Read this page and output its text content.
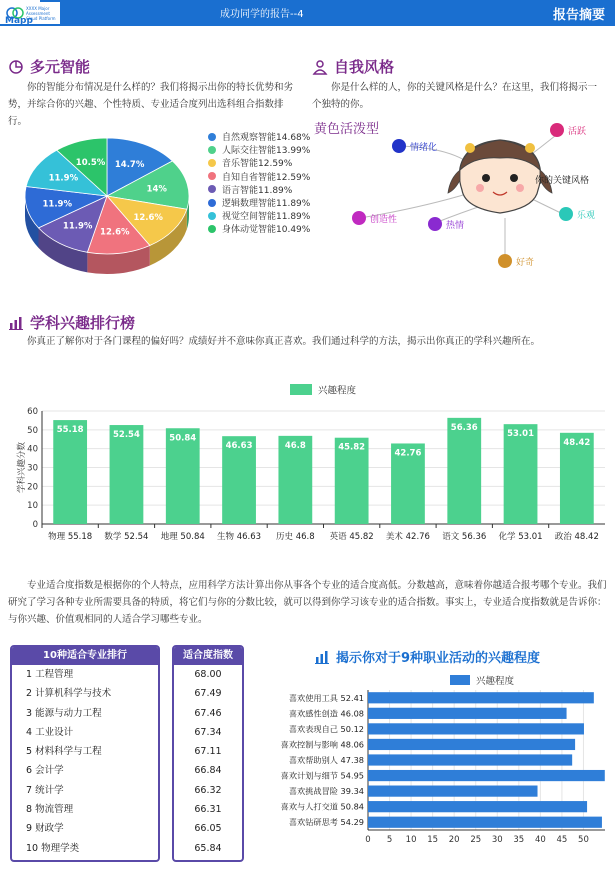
Mapp
XXXX Major Assessment Cloud Platform	成功同学的报告--4	报告摘要
多元智能
你的智能分布情况是什么样的？我们将揭示出你的特长优势和劣势，并综合你的兴趣、个性特质、专业适合度列出选科组合指数排行。
14.7%
14%
12.6%
12.6%
11.9%
11.9%
11.9%
10.5%
自然观察智能14.68%
人际交往智能13.99%
音乐智能12.59%
自知自省智能12.59%
语言智能11.89%
逻辑数理智能11.89%
视觉空间智能11.89%
身体动觉智能10.49%
自我风格
你是什么样的人，你的关键风格是什么？在这里，我们将揭示一个独特的你。
黄色活泼型
情绪化
活跃
你的关键风格
创造性
热情
乐观
好奇
学科兴趣排行榜
你真正了解你对于各门课程的偏好吗？成绩好并不意味你真正喜欢。我们通过科学的方法，揭示出你真正的学科兴趣所在。
兴趣程度
0
10
20
30
40
50
60
学科兴趣分数
55.18
物理 55.18
52.54
数学 52.54
50.84
地理 50.84
46.63
生物 46.63
46.8
历史 46.8
45.82
英语 45.82
42.76
美术 42.76
56.36
语文 56.36
53.01
化学 53.01
48.42
政治 48.42
专业适合度指数是根据你的个人特点，应用科学方法计算出你从事各个专业的适合度高低。分数越高，意味着你越适合报考哪个专业。我们研究了学习各种专业所需要具备的特质，将它们与你的分数比较，就可以得到你学习该专业的适合指数。事实上，专业适合度指数就是告诉你：与你兴趣、价值观相同的人适合学习哪些专业。
10种适合专业排行
1 工程管理
2 计算机科学与技术
3 能源与动力工程
4 工业设计
5 材料科学与工程
6 会计学
7 统计学
8 物流管理
9 财政学
10 物理学类
适合度指数
68.00
67.49
67.46
67.34
67.11
66.84
66.32
66.31
66.05
65.84
揭示你对于9种职业活动的兴趣程度
兴趣程度
0 5 10 15 20 25 30 35 40 45 50
喜欢使用工具 52.41
喜欢感性创造 46.08
喜欢表现自己 50.12
喜欢控制与影响 48.06
喜欢帮助别人 47.38
喜欢计划与细节 54.95
喜欢挑战冒险 39.34
喜欢与人打交道 50.84
喜欢钻研思考 54.29
